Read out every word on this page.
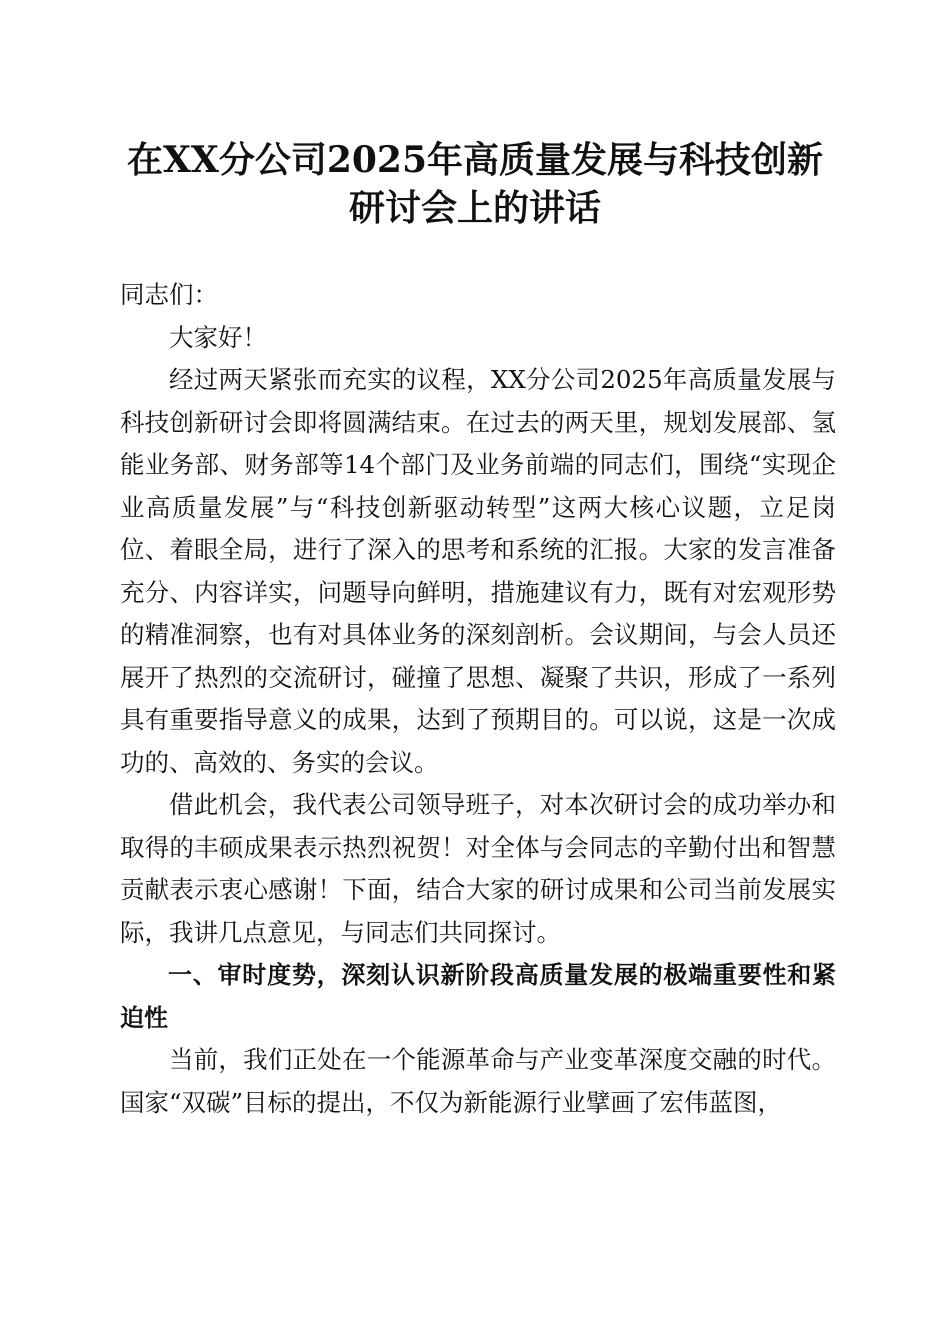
在XX分公司2025年高质量发展与科技创新
研讨会上的讲话

同志们：

大家好！

经过两天紧张而充实的议程，XX分公司2025年高质量发展与科技创新研讨会即将圆满结束。在过去的两天里，规划发展部、氢能业务部、财务部等14个部门及业务前端的同志们，围绕“实现企业高质量发展”与“科技创新驱动转型”这两大核心议题，立足岗位、着眼全局，进行了深入的思考和系统的汇报。大家的发言准备充分、内容详实，问题导向鲜明，措施建议有力，既有对宏观形势的精准洞察，也有对具体业务的深刻剖析。会议期间，与会人员还展开了热烈的交流研讨，碰撞了思想、凝聚了共识，形成了一系列具有重要指导意义的成果，达到了预期目的。可以说，这是一次成功的、高效的、务实的会议。

借此机会，我代表公司领导班子，对本次研讨会的成功举办和取得的丰硕成果表示热烈祝贺！对全体与会同志的辛勤付出和智慧贡献表示衷心感谢！下面，结合大家的研讨成果和公司当前发展实际，我讲几点意见，与同志们共同探讨。

一、审时度势，深刻认识新阶段高质量发展的极端重要性和紧迫性

当前，我们正处在一个能源革命与产业变革深度交融的时代。国家“双碳”目标的提出，不仅为新能源行业擘画了宏伟蓝图，
